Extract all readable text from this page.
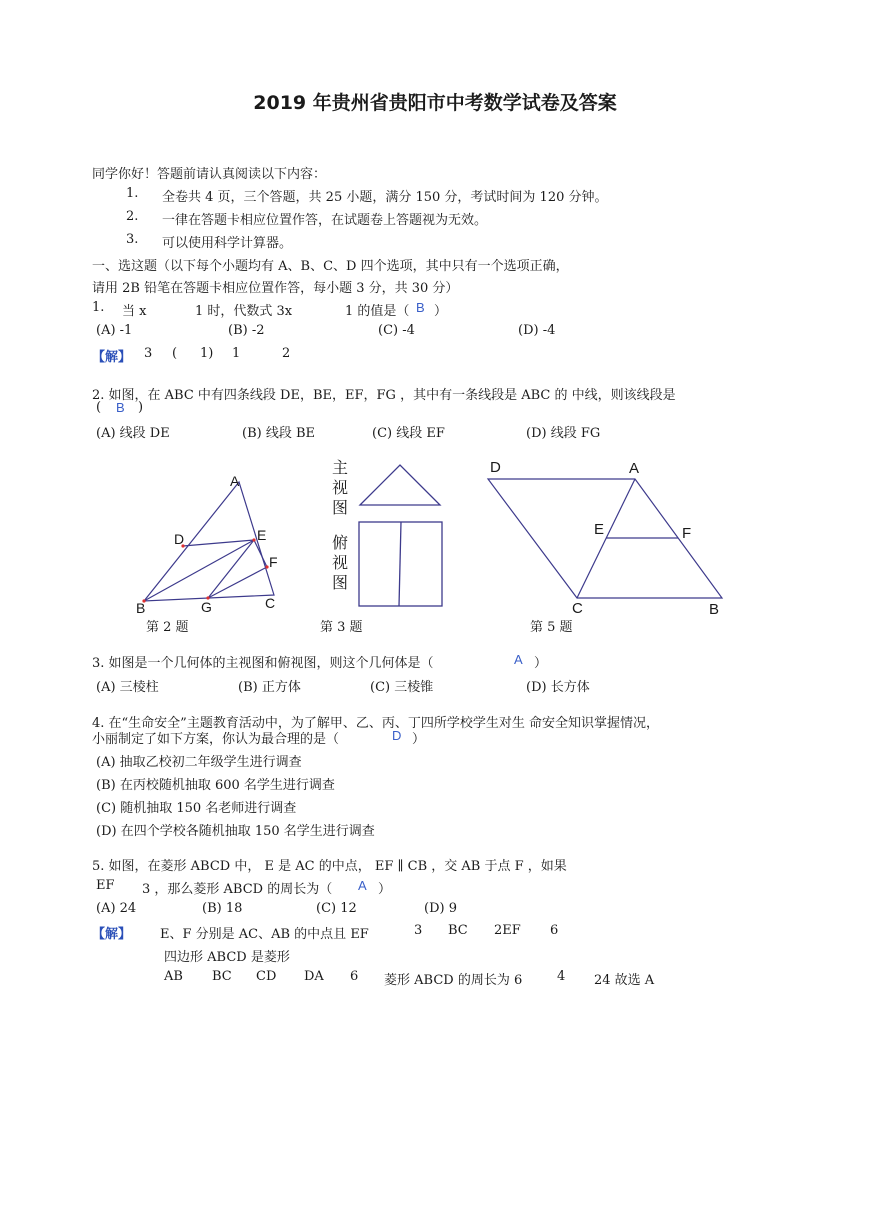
2019 年贵州省贵阳市中考数学试卷及答案
同学你好！答题前请认真阅读以下内容：
1. 全卷共 4 页，三个答题，共 25 小题，满分 150 分，考试时间为 120 分钟。
2. 一律在答题卡相应位置作答，在试题卷上答题视为无效。
3. 可以使用科学计算器。
一、选这题（以下每个小题均有 A、B、C、D 四个选项，其中只有一个选项正确，
请用 2B 铅笔在答题卡相应位置作答，每小题 3 分，共 30 分）
1. 当 x	1 时，代数式 3x	1 的值是（ B ）
(A) -1	(B) -2	(C) -4	(D) -4
【解】 3 ( 1) 1	2
2. 如图，在 ABC 中有四条线段 DE，BE，EF，FG ，其中有一条线段是 ABC 的 中线，则该线段是
( B )
(A) 线段 DE	(B) 线段 BE	(C) 线段 EF	(D) 线段 FG
A
D	E
F
B	G	C
第 2 题
主
视
图
俯
视
图
第 3 题
D	A
E	F
C	B
第 5 题
3. 如图是一个几何体的主视图和俯视图，则这个几何体是（	A ）
(A) 三棱柱	(B) 正方体	(C) 三棱锥	(D) 长方体
4. 在“生命安全”主题教育活动中，为了解甲、乙、丙、丁四所学校学生对生 命安全知识掌握情况，
小丽制定了如下方案，你认为最合理的是（	D ）
(A) 抽取乙校初二年级学生进行调查
(B) 在丙校随机抽取 600 名学生进行调查
(C) 随机抽取 150 名老师进行调查
(D) 在四个学校各随机抽取 150 名学生进行调查
5. 如图，在菱形 ABCD 中， E 是 AC 的中点， EF ∥ CB ，交 AB 于点 F ，如果
EF 3 ，那么菱形 ABCD 的周长为（ A ）
(A) 24	(B) 18	(C) 12	(D) 9
【解】 E、F 分别是 AC、AB 的中点且 EF	3 BC 2EF 6
四边形 ABCD 是菱形
AB BC CD DA 6 菱形 ABCD 的周长为 6	4 24 故选 A
